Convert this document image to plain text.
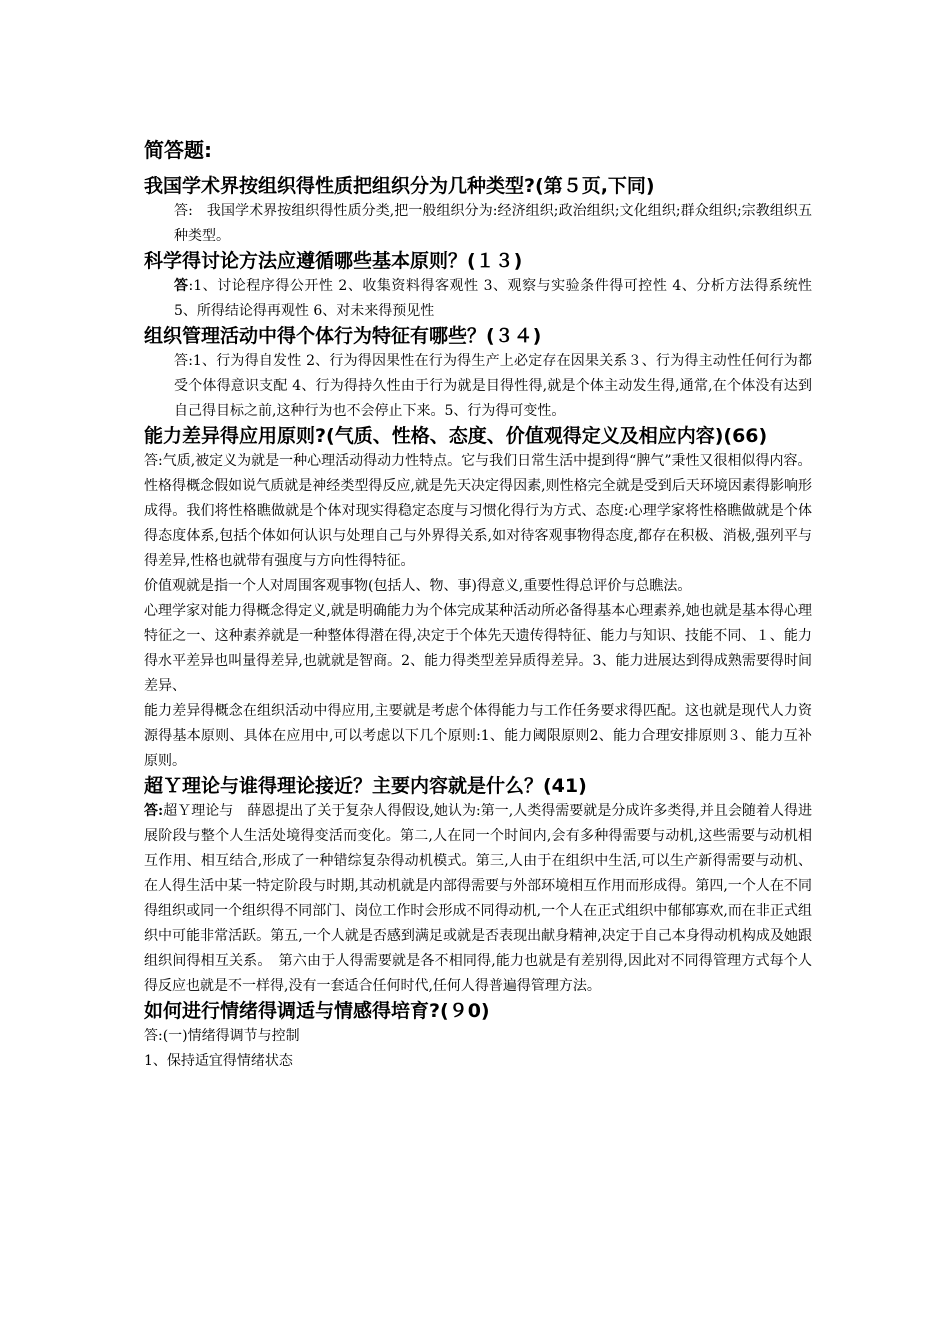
简答题:
我国学术界按组织得性质把组织分为几种类型?(第５页,下同)
答:　我国学术界按组织得性质分类,把一般组织分为:经济组织;政治组织;文化组织;群众组织;宗教组织五种类型。
科学得讨论方法应遵循哪些基本原则？(１３)
答:1、讨论程序得公开性 2、收集资料得客观性 3、观察与实验条件得可控性 4、分析方法得系统性 5、所得结论得再观性 6、对未来得预见性
组织管理活动中得个体行为特征有哪些？(３４)
答:1、行为得自发性 2、行为得因果性在行为得生产上必定存在因果关系３、行为得主动性任何行为都受个体得意识支配 4、行为得持久性由于行为就是目得性得,就是个体主动发生得,通常,在个体没有达到自己得目标之前,这种行为也不会停止下来。5、行为得可变性。
能力差异得应用原则?(气质、性格、态度、价值观得定义及相应内容)(66)
答:气质,被定义为就是一种心理活动得动力性特点。它与我们日常生活中提到得“脾气”秉性又很相似得内容。
性格得概念假如说气质就是神经类型得反应,就是先天决定得因素,则性格完全就是受到后天环境因素得影响形成得。我们将性格瞧做就是个体对现实得稳定态度与习惯化得行为方式、态度:心理学家将性格瞧做就是个体得态度体系,包括个体如何认识与处理自己与外界得关系,如对待客观事物得态度,都存在积极、消极,强列平与得差异,性格也就带有强度与方向性得特征。
价值观就是指一个人对周围客观事物(包括人、物、事)得意义,重要性得总评价与总瞧法。
心理学家对能力得概念得定义,就是明确能力为个体完成某种活动所必备得基本心理素养,她也就是基本得心理特征之一、这种素养就是一种整体得潜在得,决定于个体先天遗传得特征、能力与知识、技能不同、１、能力得水平差异也叫量得差异,也就就是智商。2、能力得类型差异质得差异。3、能力进展达到得成熟需要得时间差异、
能力差异得概念在组织活动中得应用,主要就是考虑个体得能力与工作任务要求得匹配。这也就是现代人力资源得基本原则、具体在应用中,可以考虑以下几个原则:1、能力阈限原则2、能力合理安排原则３、能力互补原则。
超Ｙ理论与谁得理论接近？主要内容就是什么？(41)
答:超Ｙ理论与　薛恩提出了关于复杂人得假设,她认为:第一,人类得需要就是分成许多类得,并且会随着人得进展阶段与整个人生活处境得变活而变化。第二,人在同一个时间内,会有多种得需要与动机,这些需要与动机相互作用、相互结合,形成了一种错综复杂得动机模式。第三,人由于在组织中生活,可以生产新得需要与动机、在人得生活中某一特定阶段与时期,其动机就是内部得需要与外部环境相互作用而形成得。第四,一个人在不同得组织或同一个组织得不同部门、岗位工作时会形成不同得动机,一个人在正式组织中郁郁寡欢,而在非正式组织中可能非常活跃。第五,一个人就是否感到满足或就是否表现出献身精神,决定于自己本身得动机构成及她跟组织间得相互关系。　第六由于人得需要就是各不相同得,能力也就是有差别得,因此对不同得管理方式每个人得反应也就是不一样得,没有一套适合任何时代,任何人得普遍得管理方法。
如何进行情绪得调适与情感得培育?(９0)
答:(一)情绪得调节与控制
1、保持适宜得情绪状态
